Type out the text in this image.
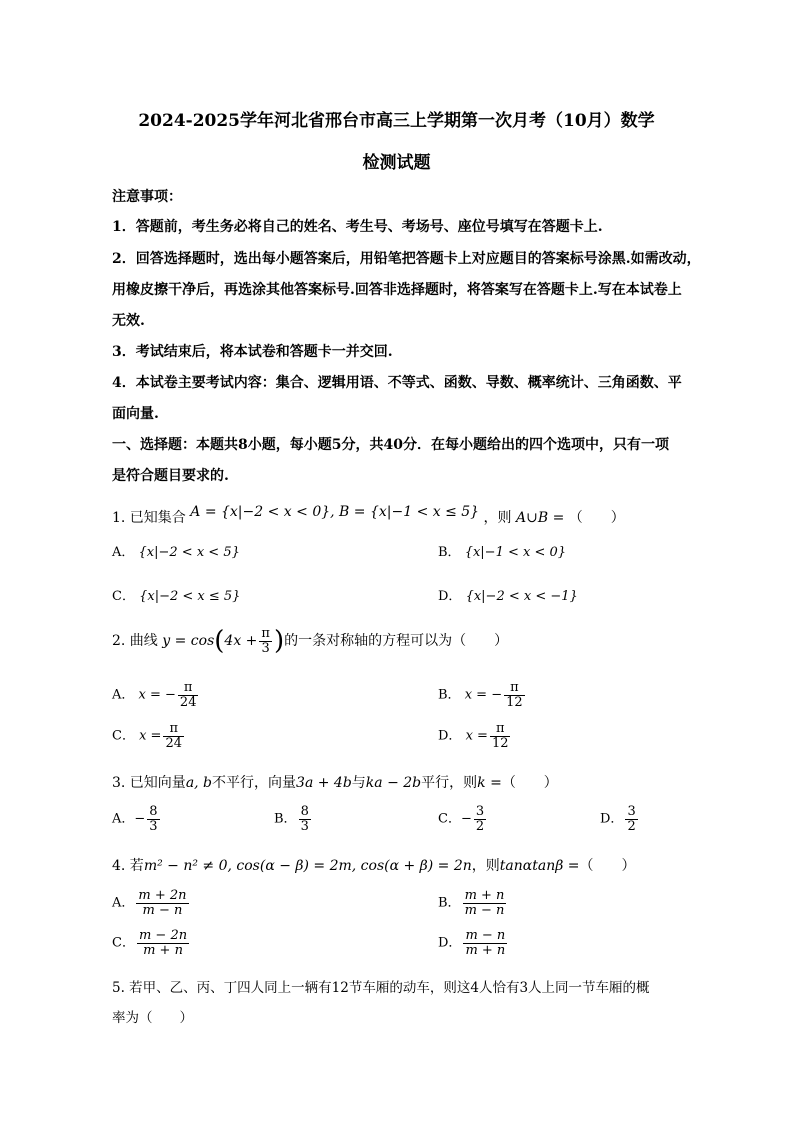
2024-2025学年河北省邢台市高三上学期第一次月考（10月）数学
检测试题
注意事项：
1．答题前，考生务必将自己的姓名、考生号、考场号、座位号填写在答题卡上.
2．回答选择题时，选出每小题答案后，用铅笔把答题卡上对应题目的答案标号涂黑.如需改动，
用橡皮擦干净后，再选涂其他答案标号.回答非选择题时，将答案写在答题卡上.写在本试卷上
无效.
3．考试结束后，将本试卷和答题卡一并交回.
4．本试卷主要考试内容：集合、逻辑用语、不等式、函数、导数、概率统计、三角函数、平
面向量.
一、选择题：本题共8小题，每小题5分，共40分．在每小题给出的四个选项中，只有一项
是符合题目要求的.
1. 已知集合 A = {x|−2 < x < 0}, B = {x|−1 < x ≤ 5} ，则 A∪B = （　　）
A． {x|−2 < x < 5}	B． {x|−1 < x < 0}
C． {x|−2 < x ≤ 5}	D． {x|−2 < x < −1}
2. 曲线 $y = \cos(4x + \frac{\pi}{3}$ )的一条对称轴的方程可以为（　　）
A． x = − $\frac{\pi}{24}$	B． x = − $\frac{\pi}{12}$
C． $x = \frac{\pi}{24}$	D． $x = \frac{\pi}{12}$
3. 已知向量a, b不平行，向量3a + 4b与ka − 2b平行，则k =（　　）
A．− $\frac{8}{3}$	B． $\frac{8}{3}$	C．− $\frac{3}{2}$	D． $\frac{3}{2}$
4. 若m² − n² ≠ 0, cos(α − β) = 2m, cos(α + β) = 2n，则tanαtanβ =（　　）
A． $\frac{m + 2n}{m - n}$	B． $\frac{m + n}{m - n}$
C． $\frac{m - 2n}{m + n}$	D． $\frac{m - n}{m + n}$
5. 若甲、乙、丙、丁四人同上一辆有12节车厢的动车，则这4人恰有3人上同一节车厢的概
率为（　　）
